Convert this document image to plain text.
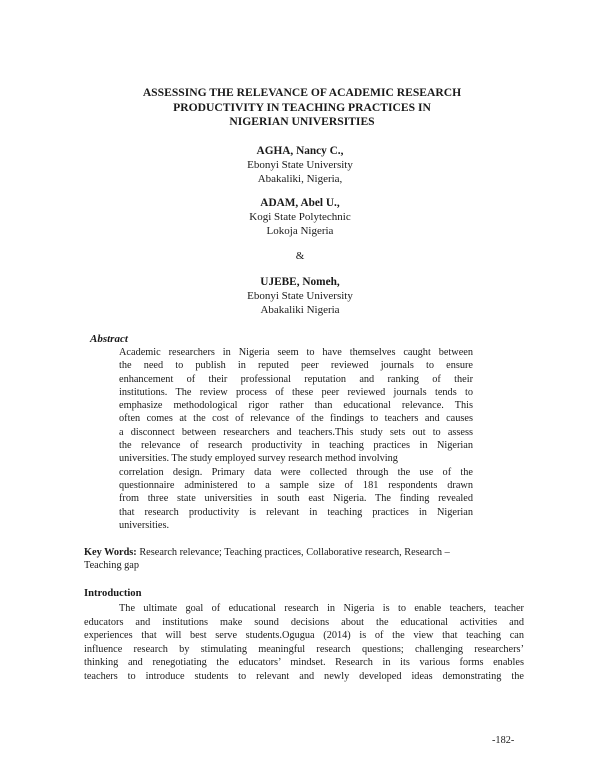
ASSESSING THE RELEVANCE OF ACADEMIC RESEARCH
PRODUCTIVITY IN TEACHING PRACTICES IN
NIGERIAN UNIVERSITIES
AGHA, Nancy C.,
Ebonyi State University
Abakaliki, Nigeria,
ADAM, Abel U.,
Kogi State Polytechnic
Lokoja Nigeria
&
UJEBE, Nomeh,
Ebonyi State University
Abakaliki Nigeria
Abstract
Academic researchers in Nigeria seem to have themselves caught between
the need to publish in reputed peer reviewed journals to ensure
enhancement of their professional reputation and ranking of their
institutions. The review process of these peer reviewed journals tends to
emphasize methodological rigor rather than educational relevance. This
often comes at the cost of relevance of the findings to teachers and causes
a disconnect between researchers and teachers.This study sets out to assess
the relevance of research productivity in teaching practices in Nigerian
universities. The study employed survey research method involving
correlation design. Primary data were collected through the use of the
questionnaire administered to a sample size of 181 respondents drawn
from three state universities in south east Nigeria. The finding revealed
that research productivity is relevant in teaching practices in Nigerian
universities.
Key Words: Research relevance; Teaching practices, Collaborative research, Research –
Teaching gap
Introduction
The ultimate goal of educational research in Nigeria is to enable teachers, teacher
educators and institutions make sound decisions about the educational activities and
experiences that will best serve students.Ogugua (2014) is of the view that teaching can
influence research by stimulating meaningful research questions; challenging researchers’
thinking and renegotiating the educators’ mindset. Research in its various forms enables
teachers to introduce students to relevant and newly developed ideas demonstrating the
-182-
